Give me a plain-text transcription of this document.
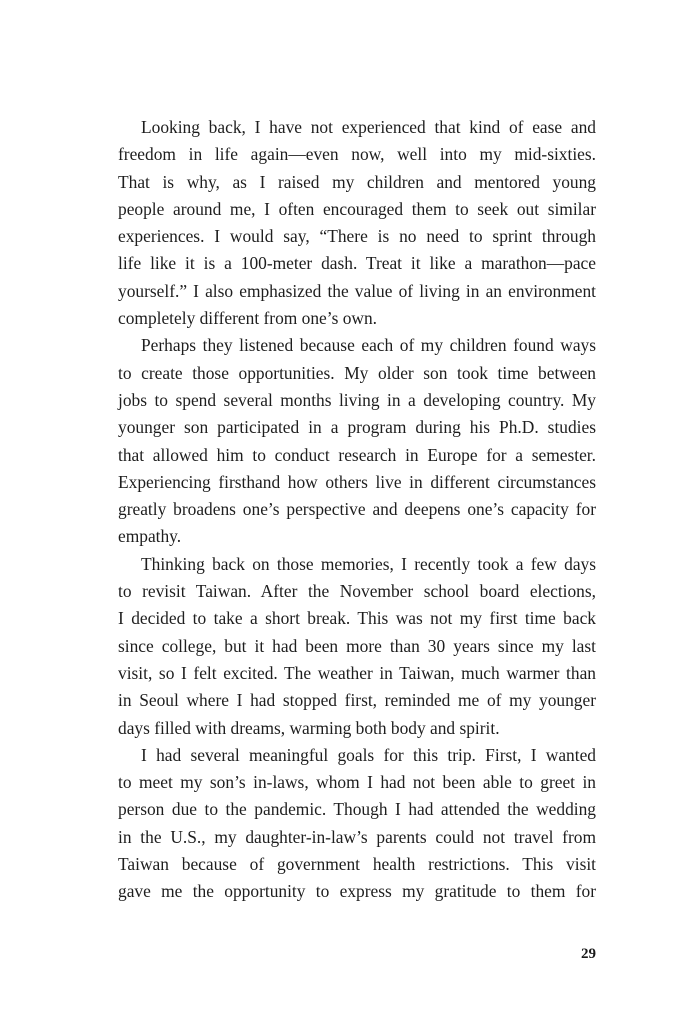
Looking back, I have not experienced that kind of ease and
freedom in life again—even now, well into my mid-sixties.
That is why, as I raised my children and mentored young
people around me, I often encouraged them to seek out similar
experiences. I would say, “There is no need to sprint through
life like it is a 100-meter dash. Treat it like a marathon—pace
yourself.” I also emphasized the value of living in an environment
completely different from one’s own.
Perhaps they listened because each of my children found ways
to create those opportunities. My older son took time between
jobs to spend several months living in a developing country. My
younger son participated in a program during his Ph.D. studies
that allowed him to conduct research in Europe for a semester.
Experiencing firsthand how others live in different circumstances
greatly broadens one’s perspective and deepens one’s capacity for
empathy.
Thinking back on those memories, I recently took a few days
to revisit Taiwan. After the November school board elections,
I decided to take a short break. This was not my first time back
since college, but it had been more than 30 years since my last
visit, so I felt excited. The weather in Taiwan, much warmer than
in Seoul where I had stopped first, reminded me of my younger
days filled with dreams, warming both body and spirit.
I had several meaningful goals for this trip. First, I wanted
to meet my son’s in-laws, whom I had not been able to greet in
person due to the pandemic. Though I had attended the wedding
in the U.S., my daughter-in-law’s parents could not travel from
Taiwan because of government health restrictions. This visit
gave me the opportunity to express my gratitude to them for
29
